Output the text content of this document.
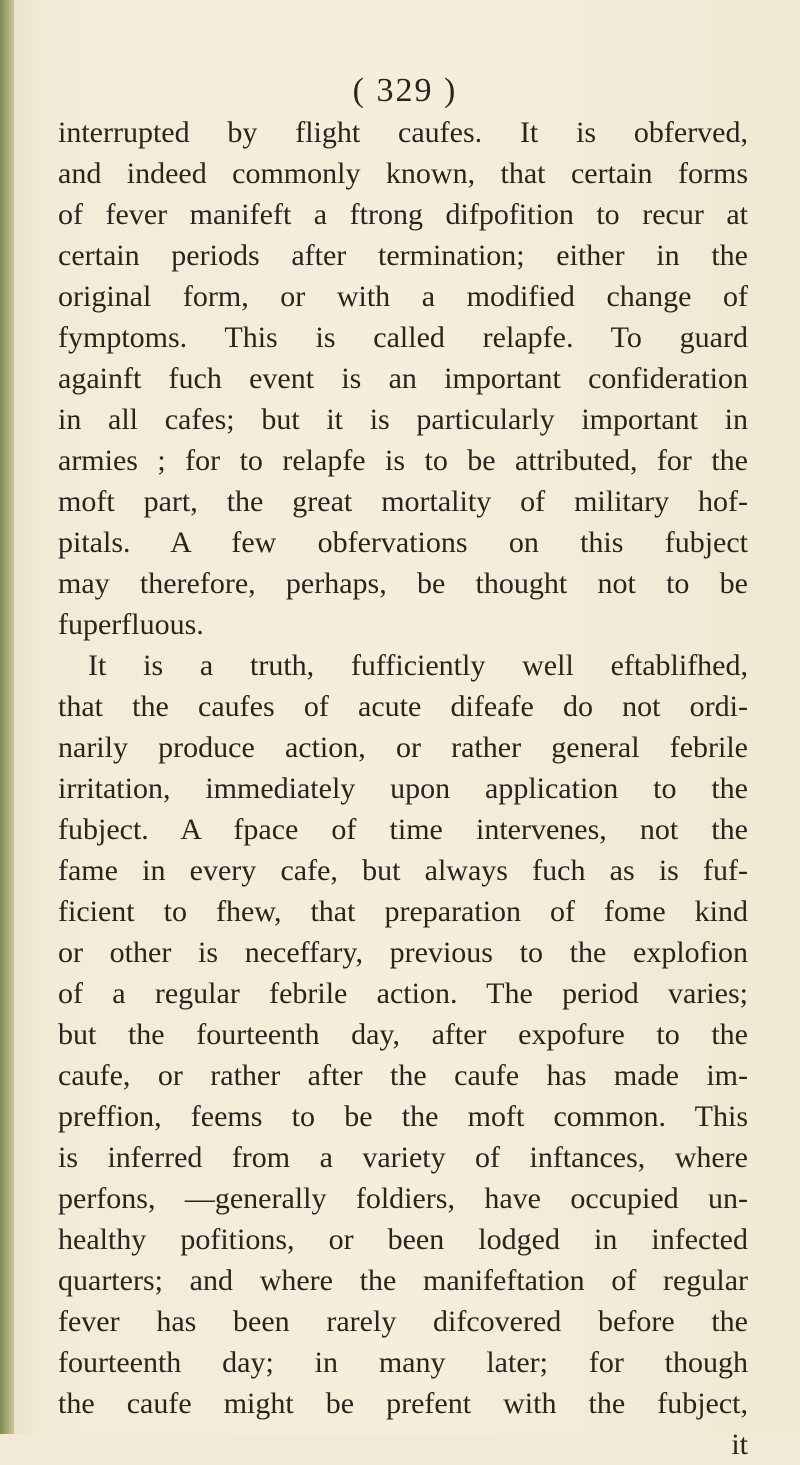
( 329 )
interrupted by flight caufes. It is obferved,
and indeed commonly known, that certain forms
of fever manifeft a ftrong difpofition to recur at
certain periods after termination; either in the
original form, or with a modified change of
fymptoms. This is called relapfe. To guard
againft fuch event is an important confideration
in all cafes; but it is particularly important in
armies ; for to relapfe is to be attributed, for the
moft part, the great mortality of military hof-
pitals. A few obfervations on this fubject
may therefore, perhaps, be thought not to be
fuperfluous.
It is a truth, fufficiently well eftablifhed,
that the caufes of acute difeafe do not ordi-
narily produce action, or rather general febrile
irritation, immediately upon application to the
fubject. A fpace of time intervenes, not the
fame in every cafe, but always fuch as is fuf-
ficient to fhew, that preparation of fome kind
or other is neceffary, previous to the explofion
of a regular febrile action. The period varies;
but the fourteenth day, after expofure to the
caufe, or rather after the caufe has made im-
preffion, feems to be the moft common. This
is inferred from a variety of inftances, where
perfons, —generally foldiers, have occupied un-
healthy pofitions, or been lodged in infected
quarters; and where the manifeftation of regular
fever has been rarely difcovered before the
fourteenth day; in many later; for though
the caufe might be prefent with the fubject,
it
